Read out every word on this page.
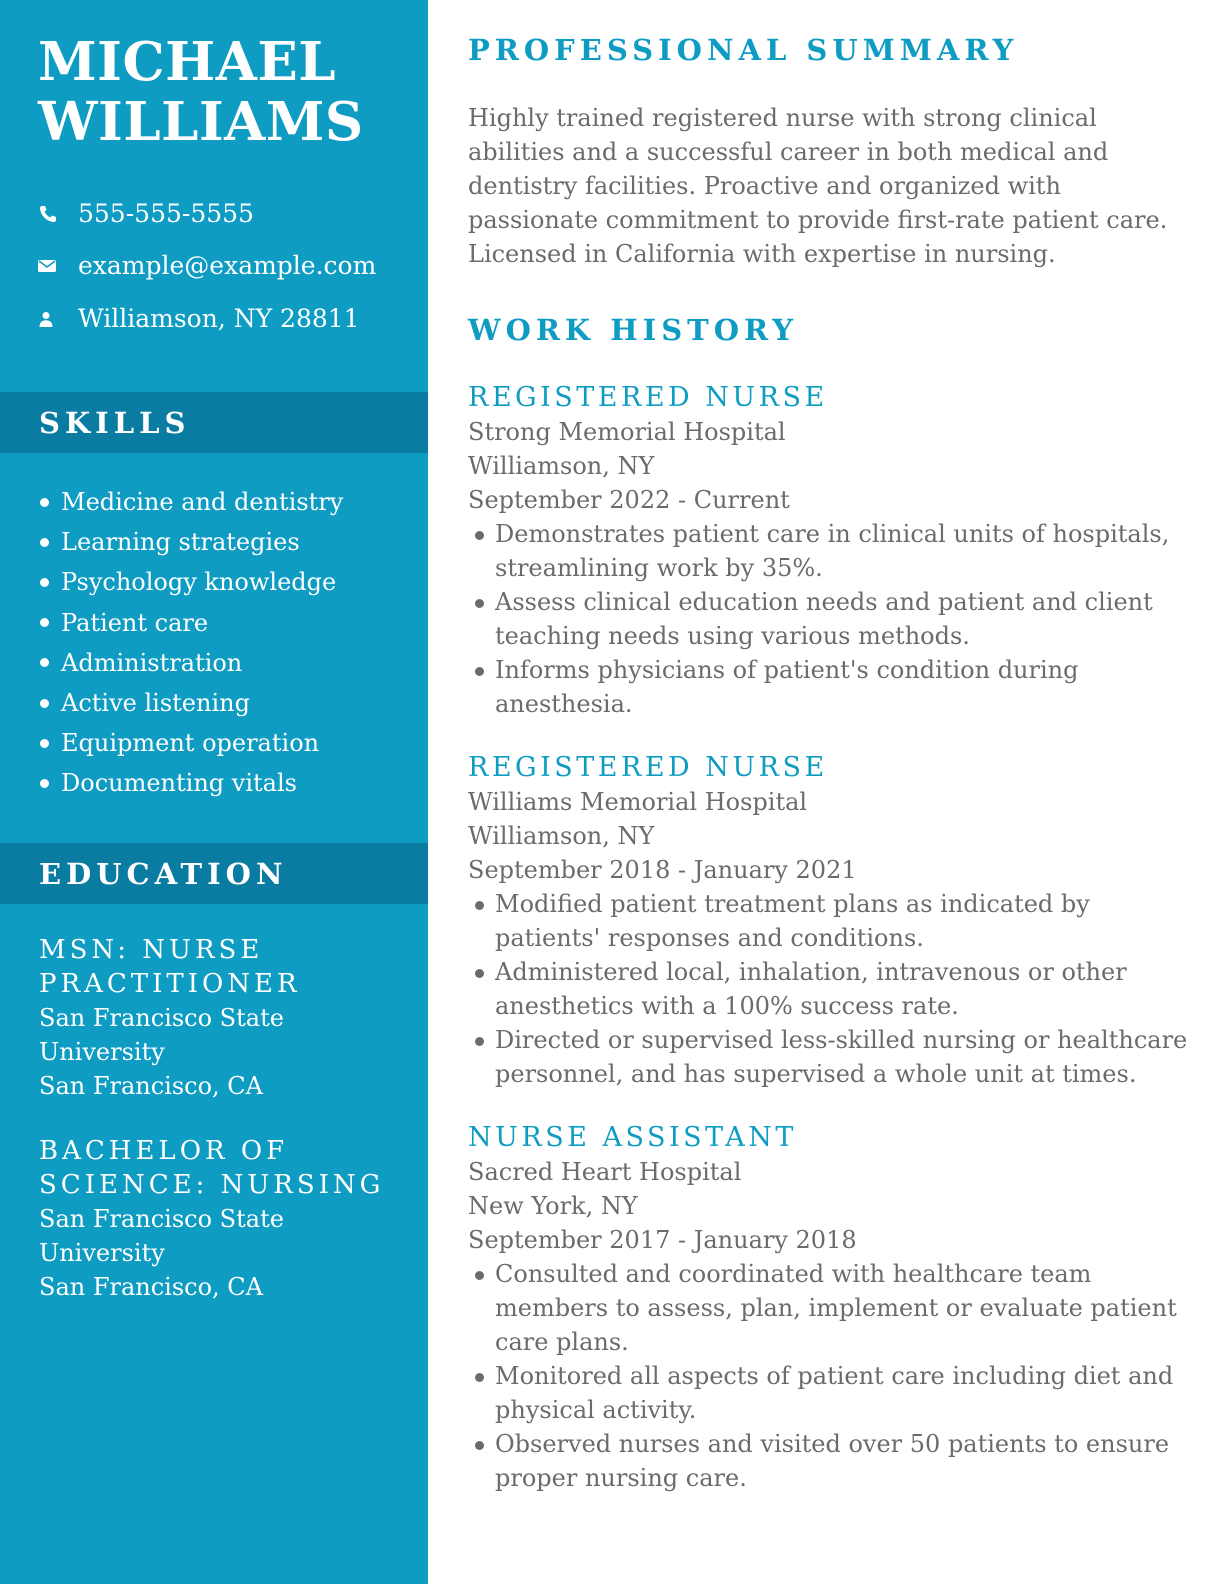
MICHAEL
WILLIAMS
555-555-5555
example@example.com
Williamson, NY 28811
SKILLS
Medicine and dentistry
Learning strategies
Psychology knowledge
Patient care
Administration
Active listening
Equipment operation
Documenting vitals
EDUCATION
MSN: NURSE
PRACTITIONER
San Francisco State
University
San Francisco, CA
BACHELOR OF
SCIENCE: NURSING
San Francisco State
University
San Francisco, CA
PROFESSIONAL SUMMARY

Highly trained registered nurse with strong clinical abilities and a successful career in both medical and dentistry facilities. Proactive and organized with passionate commitment to provide first-rate patient care. Licensed in California with expertise in nursing.

WORK HISTORY
REGISTERED NURSE
Strong Memorial Hospital
Williamson, NY
September 2022 - Current
Demonstrates patient care in clinical units of hospitals, streamlining work by 35%.
Assess clinical education needs and patient and client teaching needs using various methods.
Informs physicians of patient's condition during anesthesia.
REGISTERED NURSE
Williams Memorial Hospital
Williamson, NY
September 2018 - January 2021
Modified patient treatment plans as indicated by patients' responses and conditions.
Administered local, inhalation, intravenous or other anesthetics with a 100% success rate.
Directed or supervised less-skilled nursing or healthcare personnel, and has supervised a whole unit at times.
NURSE ASSISTANT
Sacred Heart Hospital
New York, NY
September 2017 - January 2018
Consulted and coordinated with healthcare team members to assess, plan, implement or evaluate patient care plans.
Monitored all aspects of patient care including diet and physical activity.
Observed nurses and visited over 50 patients to ensure proper nursing care.
